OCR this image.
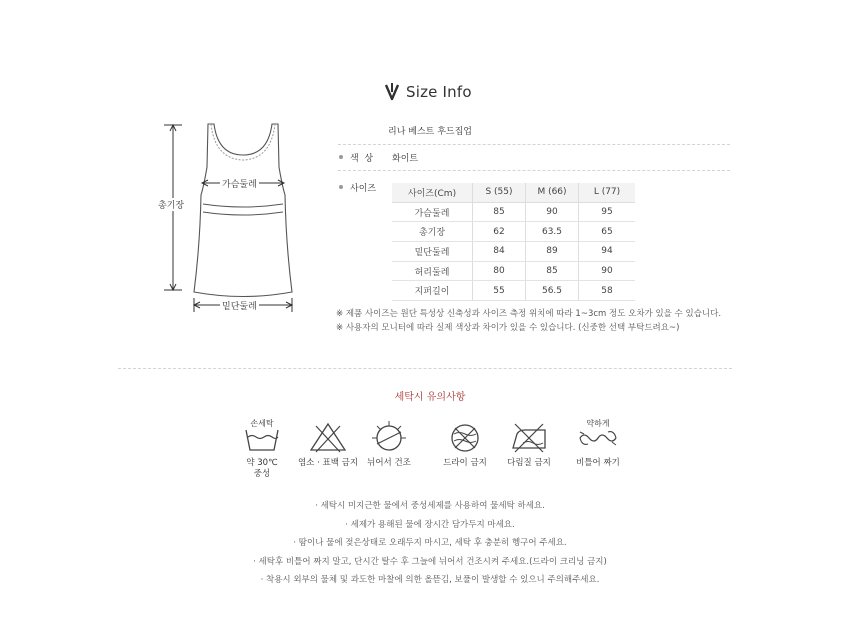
Size Info
총기장
가슴둘레
밑단둘레
리나 베스트 후드집업
색  상 화이트
사이즈	사이즈(Cm)	S (55)	M (66)	L (77)
가슴둘레	85	90	95
총기장	62	63.5	65
밑단둘레	84	89	94
허리둘레	80	85	90
지퍼길이	55	56.5	58
※ 제품 사이즈는 원단 특성상 신축성과 사이즈 측정 위치에 따라 1~3cm 정도 오차가 있을 수 있습니다.
※ 사용자의 모니터에 따라 실제 색상과 차이가 있을 수 있습니다. (신중한 선택 부탁드려요~)
세탁시 유의사항
손세탁
약 30℃
중성
염소 · 표백 금지	뉘어서 건조	드라이 금지	다림질 금지
약하게
비틀어 짜기
· 세탁시 미지근한 물에서 중성세제를 사용하여 물세탁 하세요.
· 세제가 용해된 물에 장시간 담가두지 마세요.
· 땀이나 물에 젖은상태로 오래두지 마시고, 세탁 후 충분히 헹구어 주세요.
· 세탁후 비틀어 짜지 말고, 단시간 탈수 후 그늘에 뉘어서 건조시켜 주세요.(드라이 크리닝 금지)
· 착용시 외부의 물체 및 과도한 마찰에 의한 올뜯김, 보풀이 발생할 수 있으니 주의해주세요.
